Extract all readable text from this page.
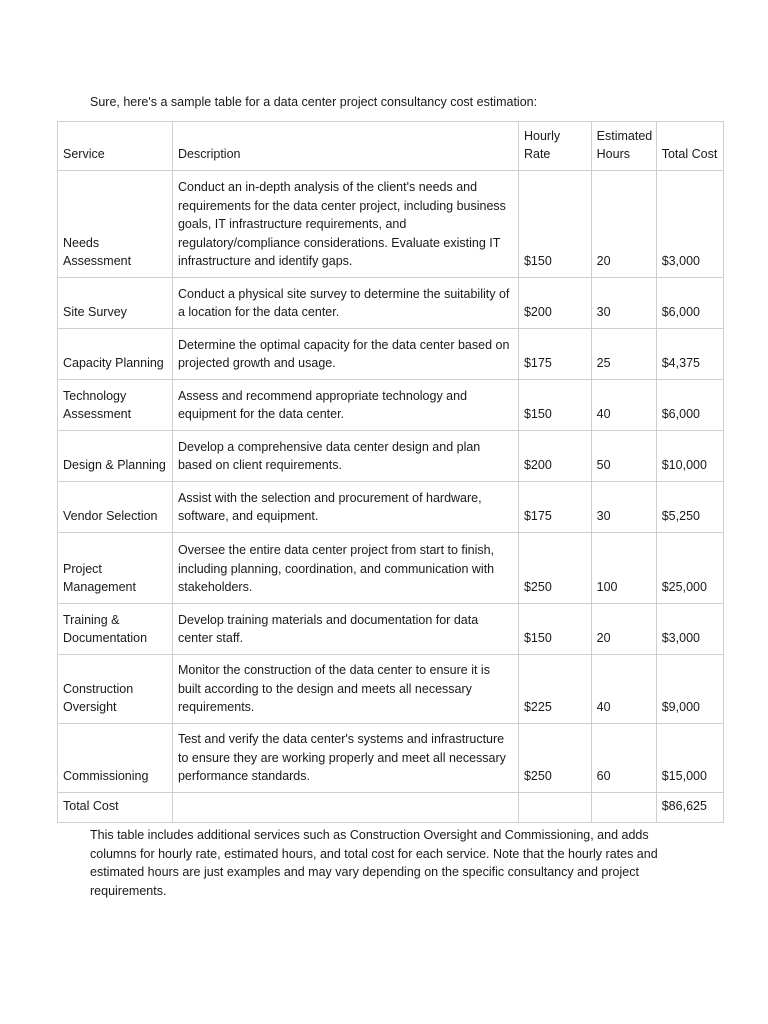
Sure, here's a sample table for a data center project consultancy cost estimation:

Service	Description	Hourly Rate	Estimated Hours	Total Cost
Needs Assessment	Conduct an in-depth analysis of the client's needs and requirements for the data center project, including business goals, IT infrastructure requirements, and regulatory/compliance considerations. Evaluate existing IT infrastructure and identify gaps.	$150	20	$3,000
Site Survey	Conduct a physical site survey to determine the suitability of a location for the data center.	$200	30	$6,000
Capacity Planning	Determine the optimal capacity for the data center based on projected growth and usage.	$175	25	$4,375
Technology Assessment	Assess and recommend appropriate technology and equipment for the data center.	$150	40	$6,000
Design & Planning	Develop a comprehensive data center design and plan based on client requirements.	$200	50	$10,000
Vendor Selection	Assist with the selection and procurement of hardware, software, and equipment.	$175	30	$5,250
Project Management	Oversee the entire data center project from start to finish, including planning, coordination, and communication with stakeholders.	$250	100	$25,000
Training & Documentation	Develop training materials and documentation for data center staff.	$150	20	$3,000
Construction Oversight	Monitor the construction of the data center to ensure it is built according to the design and meets all necessary requirements.	$225	40	$9,000
Commissioning	Test and verify the data center's systems and infrastructure to ensure they are working properly and meet all necessary performance standards.	$250	60	$15,000
Total Cost				$86,625

This table includes additional services such as Construction Oversight and Commissioning, and adds columns for hourly rate, estimated hours, and total cost for each service. Note that the hourly rates and estimated hours are just examples and may vary depending on the specific consultancy and project requirements.
